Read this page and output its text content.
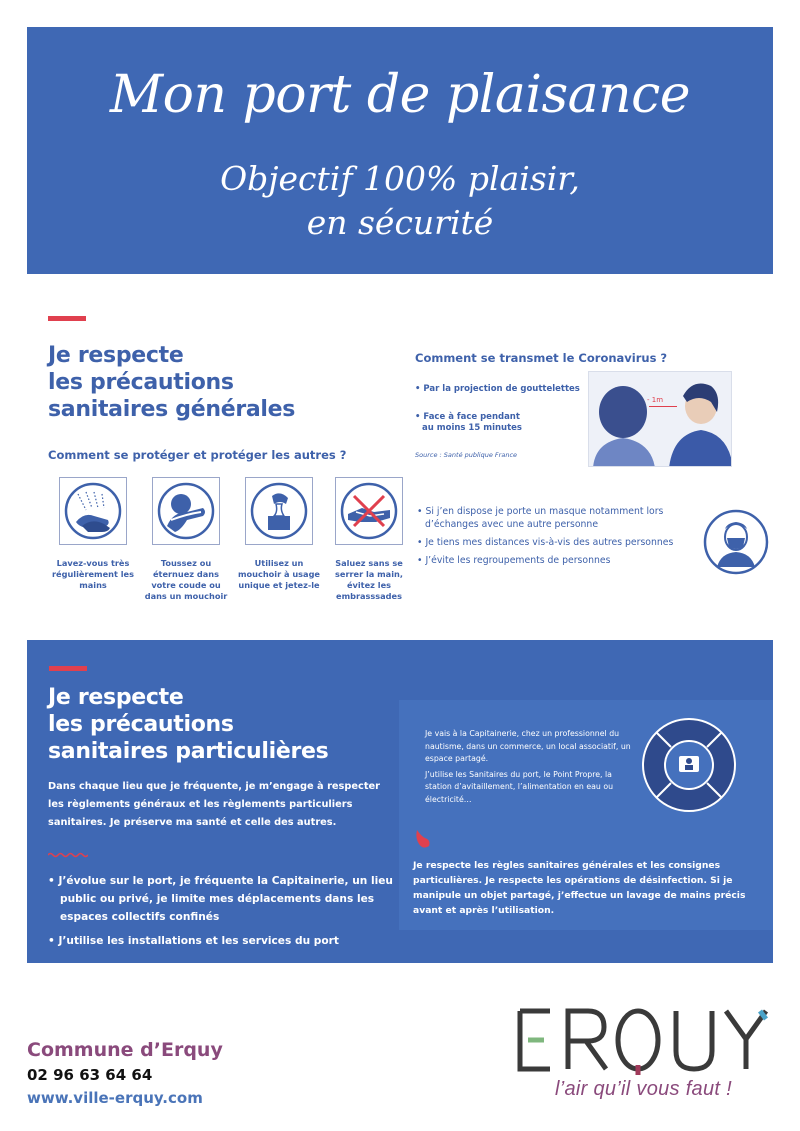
Mon port de plaisance
Objectif 100% plaisir,
en sécurité
Je respecte
les précautions
sanitaires générales
Comment se protéger et protéger les autres ?
Lavez-vous très régulièrement les mains
Toussez ou éternuez dans votre coude ou dans un mouchoir
Utilisez un mouchoir à usage unique et jetez-le
Saluez sans se serrer la main, évitez les embrasssades
Comment se transmet le Coronavirus ?
• Par la projection de gouttelettes
• Face à face pendant
au moins 15 minutes
Source : Santé publique France
- 1m
• Si j’en dispose je porte un masque notamment lors d’échanges avec une autre personne
• Je tiens mes distances vis-à-vis des autres personnes
• J’évite les regroupements de personnes
Je respecte
les précautions
sanitaires particulières
Dans chaque lieu que je fréquente, je m’engage à respecter les règlements généraux et les règlements particuliers sanitaires. Je préserve ma santé et celle des autres.
• J’évolue sur le port, je fréquente la Capitainerie, un lieu public ou privé, je limite mes déplacements dans les espaces collectifs confinés
• J’utilise les installations et les services du port

Je vais à la Capitainerie, chez un professionnel du nautisme, dans un commerce, un local associatif, un espace partagé.

J’utilise les Sanitaires du port, le Point Propre, la station d’avitaillement, l’alimentation en eau ou électricité…

Je respecte les règles sanitaires générales et les consignes particulières. Je respecte les opérations de désinfection. Si je manipule un objet partagé, j’effectue un lavage de mains précis avant et après l’utilisation.
Commune d’Erquy
02 96 63 64 64
www.ville-erquy.com	l’air qu’il vous faut !
